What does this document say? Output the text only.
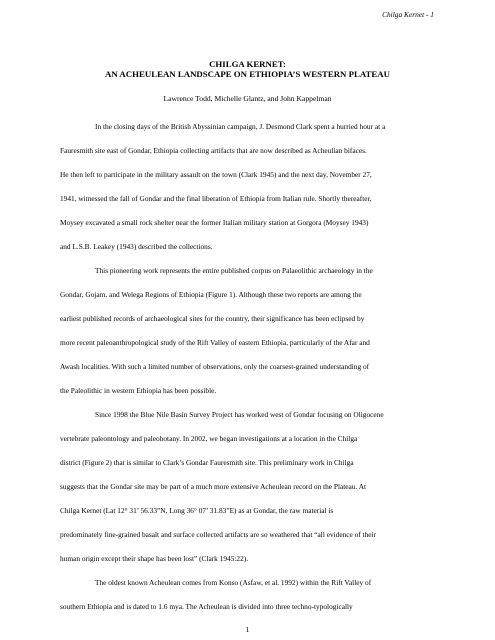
Chilga Kernet - 1
CHILGA KERNET:
AN ACHEULEAN LANDSCAPE ON ETHIOPIA’S WESTERN PLATEAU
Lawrence Todd, Michelle Glantz, and John Kappelman
In the closing days of the British Abyssinian campaign, J. Desmond Clark spent a hurried hour at a
Fauresmith site east of Gondar, Ethiopia collecting artifacts that are now described as Acheulian bifaces.
He then left to participate in the military assault on the town (Clark 1945) and the next day, November 27,
1941, witnessed the fall of Gondar and the final liberation of Ethiopia from Italian rule. Shortly thereafter,
Moysey excavated a small rock shelter near the former Italian military station at Gorgora (Moysey 1943)
and L.S.B. Leakey (1943) described the collections.
This pioneering work represents the entire published corpus on Palaeolithic archaeology in the
Gondar, Gojam, and Welega Regions of Ethiopia (Figure 1). Although these two reports are among the
earliest published records of archaeological sites for the country, their significance has been eclipsed by
more recent paleoanthropological study of the Rift Valley of eastern Ethiopia, particularly of the Afar and
Awash localities. With such a limited number of observations, only the coarsest-grained understanding of
the Paleolithic in western Ethiopia has been possible.
Since 1998 the Blue Nile Basin Survey Project has worked west of Gondar focusing on Oligocene
vertebrate paleontology and paleobotany. In 2002, we began investigations at a location in the Chilga
district (Figure 2) that is similar to Clark’s Gondar Fauresmith site. This preliminary work in Chilga
suggests that the Gondar site may be part of a much more extensive Acheulean record on the Plateau. At
Chilga Kernet (Lat 12° 31’ 56.33”N, Long 36° 07’ 31.83”E) as at Gondar, the raw material is
predominately fine-grained basalt and surface collected artifacts are so weathered that “all evidence of their
human origin except their shape has been lost” (Clark 1945:22).
The oldest known Acheulean comes from Konso (Asfaw, et al. 1992) within the Rift Valley of
southern Ethiopia and is dated to 1.6 mya. The Acheulean is divided into three techno-typologically
1
